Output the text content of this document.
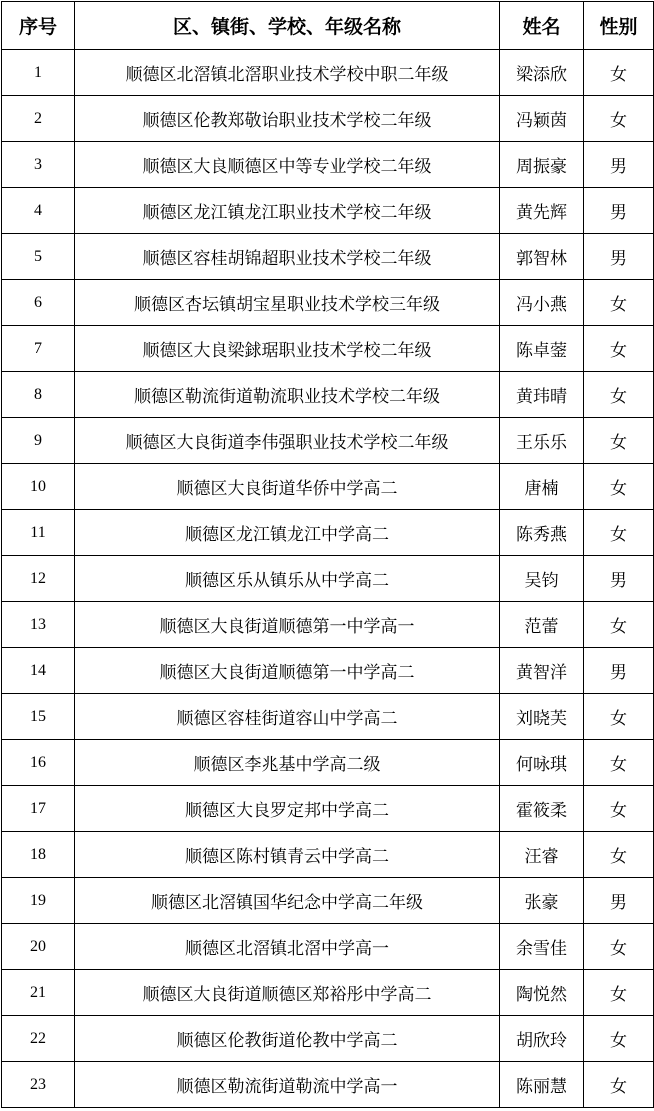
序号	区、镇街、学校、年级名称	姓名	性别
1	顺德区北滘镇北滘职业技术学校中职二年级	梁添欣	女
2	顺德区伦教郑敬诒职业技术学校二年级	冯颖茵	女
3	顺德区大良顺德区中等专业学校二年级	周振豪	男
4	顺德区龙江镇龙江职业技术学校二年级	黄先辉	男
5	顺德区容桂胡锦超职业技术学校二年级	郭智林	男
6	顺德区杏坛镇胡宝星职业技术学校三年级	冯小燕	女
7	顺德区大良梁銶琚职业技术学校二年级	陈卓蓥	女
8	顺德区勒流街道勒流职业技术学校二年级	黄玮晴	女
9	顺德区大良街道李伟强职业技术学校二年级	王乐乐	女
10	顺德区大良街道华侨中学高二	唐楠	女
11	顺德区龙江镇龙江中学高二	陈秀燕	女
12	顺德区乐从镇乐从中学高二	吴钧	男
13	顺德区大良街道顺德第一中学高一	范蕾	女
14	顺德区大良街道顺德第一中学高二	黄智洋	男
15	顺德区容桂街道容山中学高二	刘晓芙	女
16	顺德区李兆基中学高二级	何咏琪	女
17	顺德区大良罗定邦中学高二	霍筱柔	女
18	顺德区陈村镇青云中学高二	汪睿	女
19	顺德区北滘镇国华纪念中学高二年级	张豪	男
20	顺德区北滘镇北滘中学高一	余雪佳	女
21	顺德区大良街道顺德区郑裕彤中学高二	陶悦然	女
22	顺德区伦教街道伦教中学高二	胡欣玲	女
23	顺德区勒流街道勒流中学高一	陈丽慧	女
